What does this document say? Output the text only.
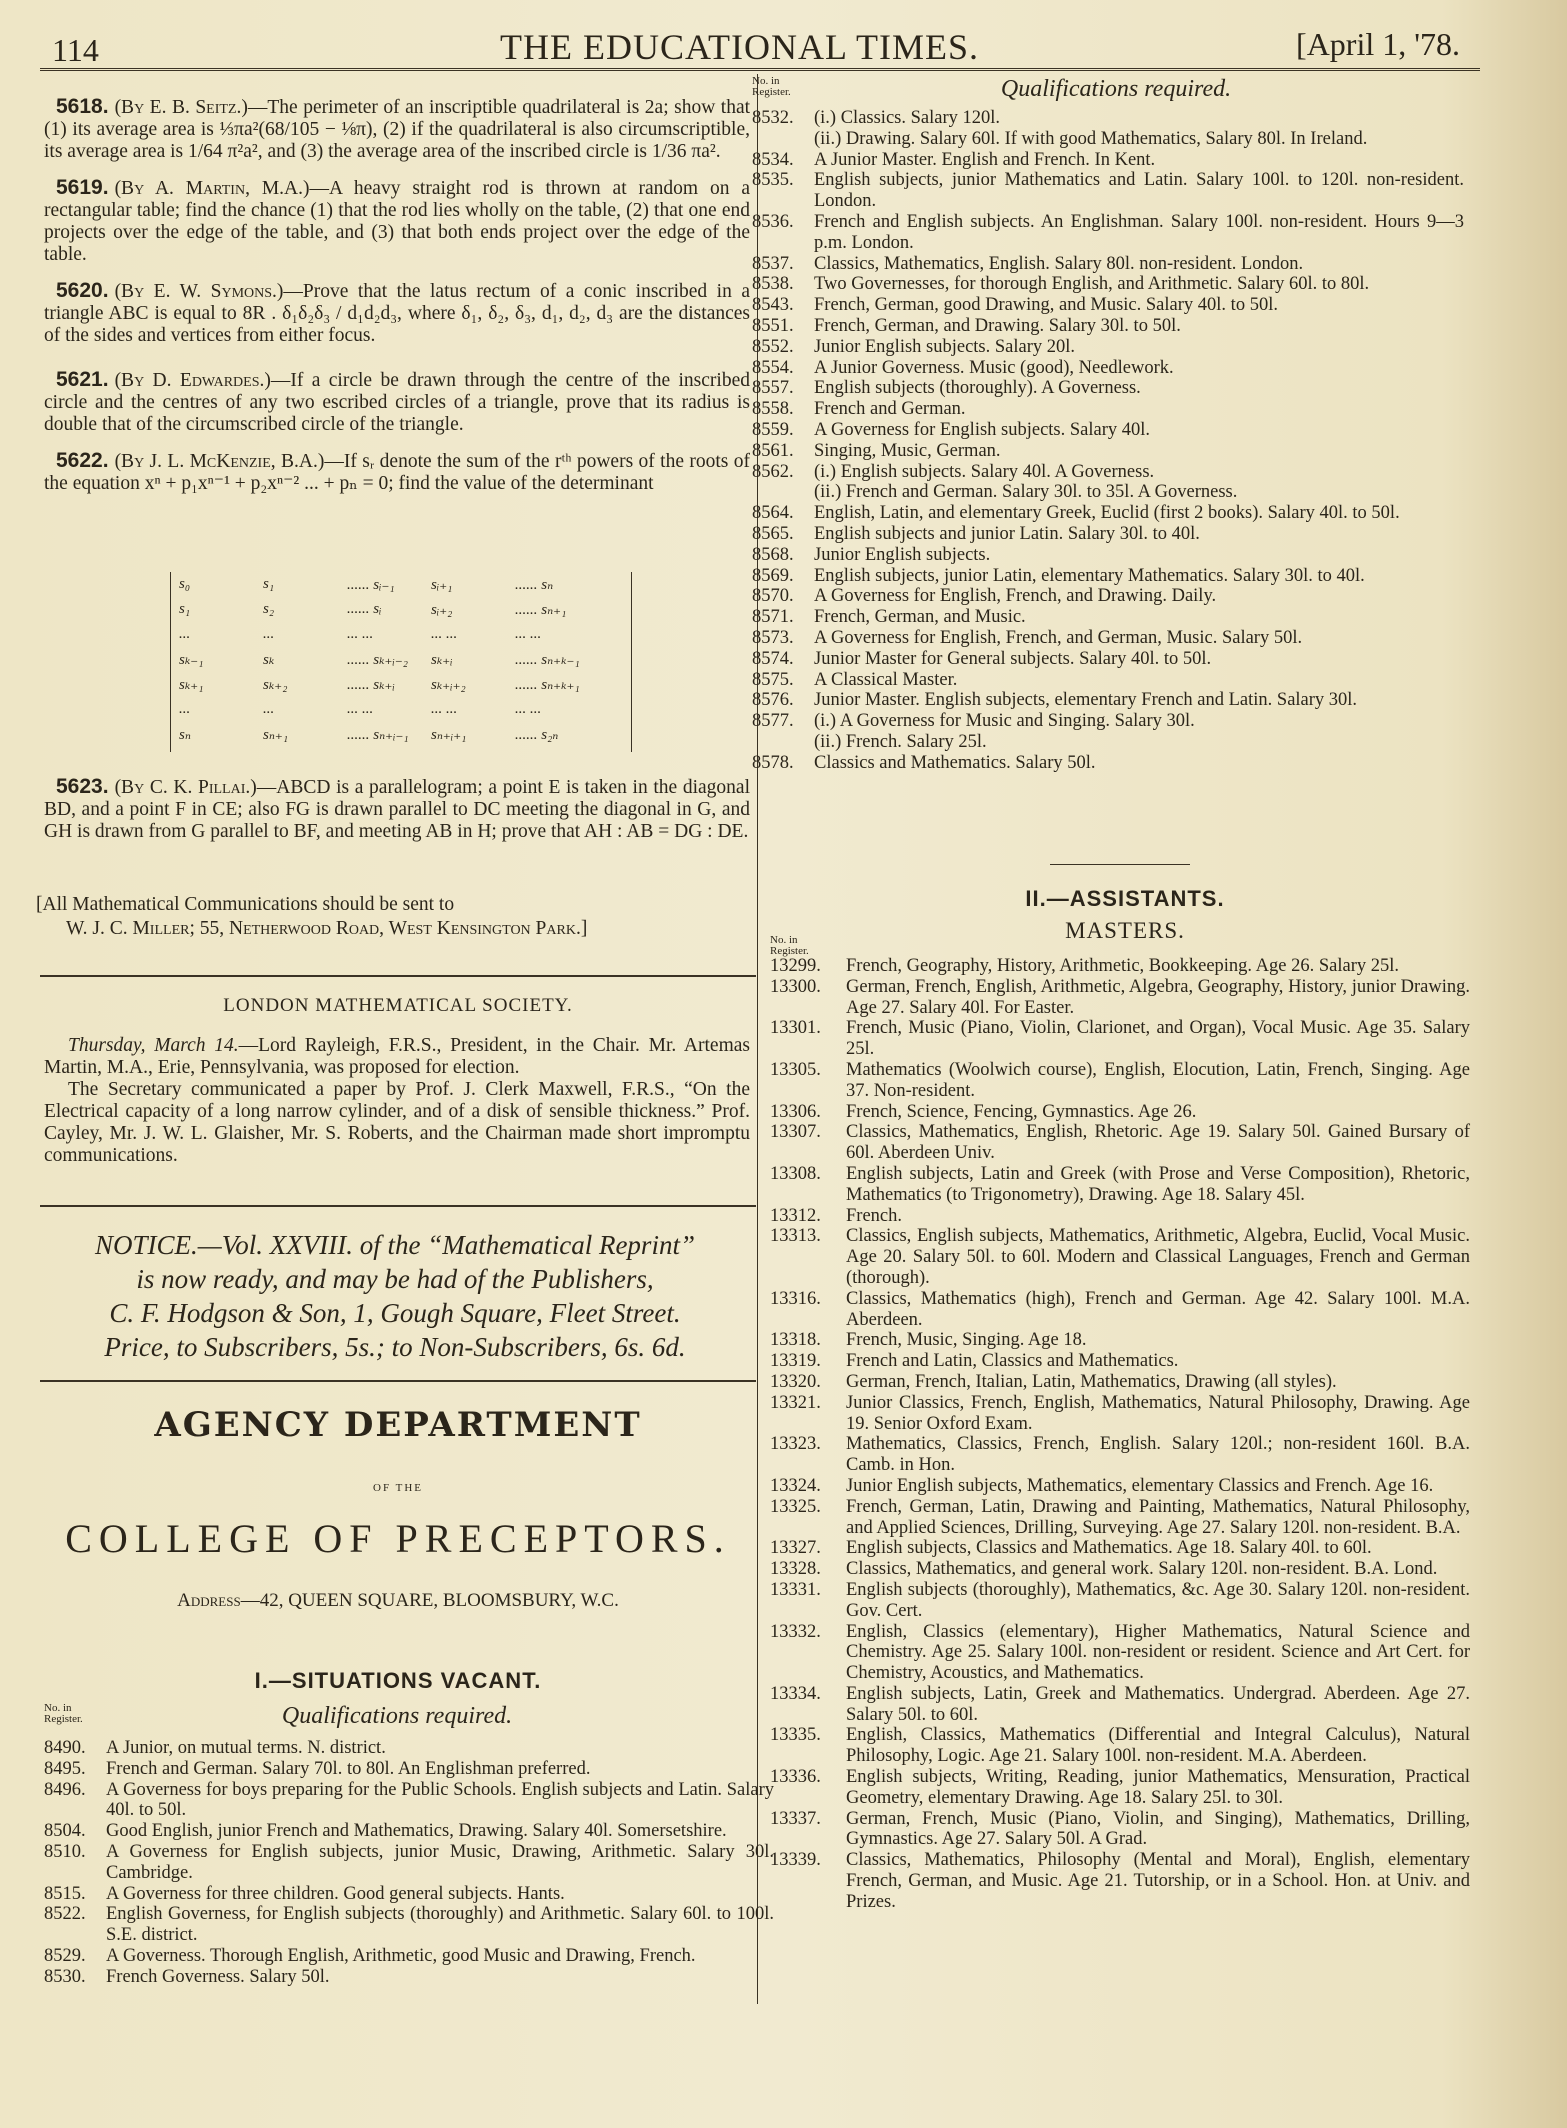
114	THE EDUCATIONAL TIMES.	[April 1, '78.
5618. (By E. B. Seitz.)—The perimeter of an inscriptible quadrilateral is 2a; show that (1) its average area is ⅓πa²(68/105 − ⅛π), (2) if the quadrilateral is also circumscriptible, its average area is 1/64 π²a², and (3) the average area of the inscribed circle is 1/36 πa².
5619. (By A. Martin, M.A.)—A heavy straight rod is thrown at random on a rectangular table; find the chance (1) that the rod lies wholly on the table, (2) that one end projects over the edge of the table, and (3) that both ends project over the edge of the table.
5620. (By E. W. Symons.)—Prove that the latus rectum of a conic inscribed in a triangle ABC is equal to 8R . δ₁δ₂δ₃ / d₁d₂d₃, where δ₁, δ₂, δ₃, d₁, d₂, d₃ are the distances of the sides and vertices from either focus.
5621. (By D. Edwardes.)—If a circle be drawn through the centre of the inscribed circle and the centres of any two escribed circles of a triangle, prove that its radius is double that of the circumscribed circle of the triangle.
5622. (By J. L. McKenzie, B.A.)—If sᵣ denote the sum of the rᵗʰ powers of the roots of the equation xⁿ + p₁xⁿ⁻¹ + p₂xⁿ⁻² ... + pₙ = 0; find the value of the determinant
s₀	s₁	...... sᵢ₋₁	sᵢ₊₁	...... sₙ
s₁	s₂	...... sᵢ	sᵢ₊₂	...... sₙ₊₁
...	...	... ...	... ...	... ...
sₖ₋₁	sₖ	...... sₖ₊ᵢ₋₂	sₖ₊ᵢ	...... sₙ₊ₖ₋₁
sₖ₊₁	sₖ₊₂	...... sₖ₊ᵢ	sₖ₊ᵢ₊₂	...... sₙ₊ₖ₊₁
...	...	... ...	... ...	... ...
sₙ	sₙ₊₁	...... sₙ₊ᵢ₋₁	sₙ₊ᵢ₊₁	...... s₂ₙ
5623. (By C. K. Pillai.)—ABCD is a parallelogram; a point E is taken in the diagonal BD, and a point F in CE; also FG is drawn parallel to DC meeting the diagonal in G, and GH is drawn from G parallel to BF, and meeting AB in H; prove that AH : AB = DG : DE.
[All Mathematical Communications should be sent to
W. J. C. Miller; 55, Netherwood Road, West Kensington Park.]
LONDON MATHEMATICAL SOCIETY.
Thursday, March 14.—Lord Rayleigh, F.R.S., President, in the Chair. Mr. Artemas Martin, M.A., Erie, Pennsylvania, was proposed for election.
The Secretary communicated a paper by Prof. J. Clerk Maxwell, F.R.S., “On the Electrical capacity of a long narrow cylinder, and of a disk of sensible thickness.” Prof. Cayley, Mr. J. W. L. Glaisher, Mr. S. Roberts, and the Chairman made short impromptu communications.
NOTICE.—Vol. XXVIII. of the “Mathematical Reprint”
is now ready, and may be had of the Publishers,
C. F. Hodgson & Son, 1, Gough Square, Fleet Street.
Price, to Subscribers, 5s.; to Non-Subscribers, 6s. 6d.
AGENCY DEPARTMENT
OF THE
COLLEGE OF PRECEPTORS.
Address—42, QUEEN SQUARE, BLOOMSBURY, W.C.
I.—SITUATIONS VACANT.
No. in Register.	Qualifications required.
8490.	A Junior, on mutual terms. N. district.
8495.	French and German. Salary 70l. to 80l. An Englishman preferred.
8496.	A Governess for boys preparing for the Public Schools. English subjects and Latin. Salary 40l. to 50l.
8504.	Good English, junior French and Mathematics, Drawing. Salary 40l. Somersetshire.
8510.	A Governess for English subjects, junior Music, Drawing, Arithmetic. Salary 30l. Cambridge.
8515.	A Governess for three children. Good general subjects. Hants.
8522.	English Governess, for English subjects (thoroughly) and Arithmetic. Salary 60l. to 100l. S.E. district.
8529.	A Governess. Thorough English, Arithmetic, good Music and Drawing, French.
8530.	French Governess. Salary 50l.
No. in Register.	Qualifications required.
8532.	(i.) Classics. Salary 120l.
(ii.) Drawing. Salary 60l. If with good Mathematics, Salary 80l. In Ireland.
8534.	A Junior Master. English and French. In Kent.
8535.	English subjects, junior Mathematics and Latin. Salary 100l. to 120l. non-resident. London.
8536.	French and English subjects. An Englishman. Salary 100l. non-resident. Hours 9—3 p.m. London.
8537.	Classics, Mathematics, English. Salary 80l. non-resident. London.
8538.	Two Governesses, for thorough English, and Arithmetic. Salary 60l. to 80l.
8543.	French, German, good Drawing, and Music. Salary 40l. to 50l.
8551.	French, German, and Drawing. Salary 30l. to 50l.
8552.	Junior English subjects. Salary 20l.
8554.	A Junior Governess. Music (good), Needlework.
8557.	English subjects (thoroughly). A Governess.
8558.	French and German.
8559.	A Governess for English subjects. Salary 40l.
8561.	Singing, Music, German.
8562.	(i.) English subjects. Salary 40l. A Governess.
(ii.) French and German. Salary 30l. to 35l. A Governess.
8564.	English, Latin, and elementary Greek, Euclid (first 2 books). Salary 40l. to 50l.
8565.	English subjects and junior Latin. Salary 30l. to 40l.
8568.	Junior English subjects.
8569.	English subjects, junior Latin, elementary Mathematics. Salary 30l. to 40l.
8570.	A Governess for English, French, and Drawing. Daily.
8571.	French, German, and Music.
8573.	A Governess for English, French, and German, Music. Salary 50l.
8574.	Junior Master for General subjects. Salary 40l. to 50l.
8575.	A Classical Master.
8576.	Junior Master. English subjects, elementary French and Latin. Salary 30l.
8577.	(i.) A Governess for Music and Singing. Salary 30l.
(ii.) French. Salary 25l.
8578.	Classics and Mathematics. Salary 50l.
II.—ASSISTANTS.
MASTERS.
No. in Register.
13299.	French, Geography, History, Arithmetic, Bookkeeping. Age 26. Salary 25l.
13300.	German, French, English, Arithmetic, Algebra, Geography, History, junior Drawing. Age 27. Salary 40l. For Easter.
13301.	French, Music (Piano, Violin, Clarionet, and Organ), Vocal Music. Age 35. Salary 25l.
13305.	Mathematics (Woolwich course), English, Elocution, Latin, French, Singing. Age 37. Non-resident.
13306.	French, Science, Fencing, Gymnastics. Age 26.
13307.	Classics, Mathematics, English, Rhetoric. Age 19. Salary 50l. Gained Bursary of 60l. Aberdeen Univ.
13308.	English subjects, Latin and Greek (with Prose and Verse Composition), Rhetoric, Mathematics (to Trigonometry), Drawing. Age 18. Salary 45l.
13312.	French.
13313.	Classics, English subjects, Mathematics, Arithmetic, Algebra, Euclid, Vocal Music. Age 20. Salary 50l. to 60l. Modern and Classical Languages, French and German (thorough).
13316.	Classics, Mathematics (high), French and German. Age 42. Salary 100l. M.A. Aberdeen.
13318.	French, Music, Singing. Age 18.
13319.	French and Latin, Classics and Mathematics.
13320.	German, French, Italian, Latin, Mathematics, Drawing (all styles).
13321.	Junior Classics, French, English, Mathematics, Natural Philosophy, Drawing. Age 19. Senior Oxford Exam.
13323.	Mathematics, Classics, French, English. Salary 120l.; non-resident 160l. B.A. Camb. in Hon.
13324.	Junior English subjects, Mathematics, elementary Classics and French. Age 16.
13325.	French, German, Latin, Drawing and Painting, Mathematics, Natural Philosophy, and Applied Sciences, Drilling, Surveying. Age 27. Salary 120l. non-resident. B.A.
13327.	English subjects, Classics and Mathematics. Age 18. Salary 40l. to 60l.
13328.	Classics, Mathematics, and general work. Salary 120l. non-resident. B.A. Lond.
13331.	English subjects (thoroughly), Mathematics, &c. Age 30. Salary 120l. non-resident. Gov. Cert.
13332.	English, Classics (elementary), Higher Mathematics, Natural Science and Chemistry. Age 25. Salary 100l. non-resident or resident. Science and Art Cert. for Chemistry, Acoustics, and Mathematics.
13334.	English subjects, Latin, Greek and Mathematics. Undergrad. Aberdeen. Age 27. Salary 50l. to 60l.
13335.	English, Classics, Mathematics (Differential and Integral Calculus), Natural Philosophy, Logic. Age 21. Salary 100l. non-resident. M.A. Aberdeen.
13336.	English subjects, Writing, Reading, junior Mathematics, Mensuration, Practical Geometry, elementary Drawing. Age 18. Salary 25l. to 30l.
13337.	German, French, Music (Piano, Violin, and Singing), Mathematics, Drilling, Gymnastics. Age 27. Salary 50l. A Grad.
13339.	Classics, Mathematics, Philosophy (Mental and Moral), English, elementary French, German, and Music. Age 21. Tutorship, or in a School. Hon. at Univ. and Prizes.
